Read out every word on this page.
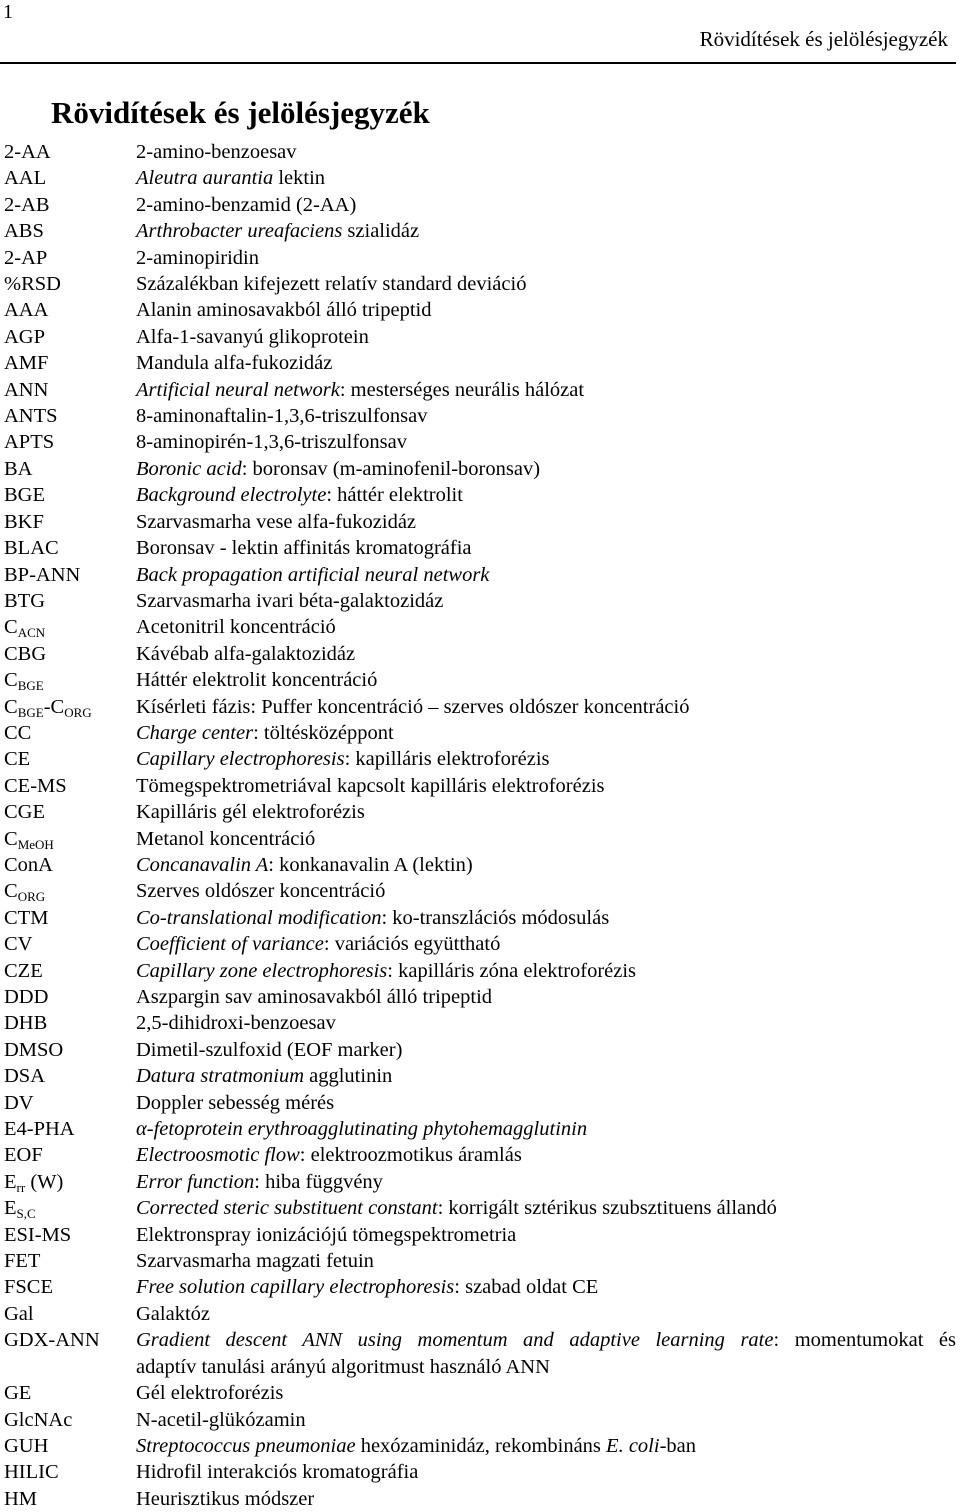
1
Rövidítések és jelölésjegyzék
Rövidítések és jelölésjegyzék
2-AA	2-amino-benzoesav
AAL	Aleutra aurantia lektin
2-AB	2-amino-benzamid (2-AA)
ABS	Arthrobacter ureafaciens szialidáz
2-AP	2-aminopiridin
%RSD	Százalékban kifejezett relatív standard deviáció
AAA	Alanin aminosavakból álló tripeptid
AGP	Alfa-1-savanyú glikoprotein
AMF	Mandula alfa-fukozidáz
ANN	Artificial neural network: mesterséges neurális hálózat
ANTS	8-aminonaftalin-1,3,6-triszulfonsav
APTS	8-aminopirén-1,3,6-triszulfonsav
BA	Boronic acid: boronsav (m-aminofenil-boronsav)
BGE	Background electrolyte: háttér elektrolit
BKF	Szarvasmarha vese alfa-fukozidáz
BLAC	Boronsav - lektin affinitás kromatográfia
BP-ANN	Back propagation artificial neural network
BTG	Szarvasmarha ivari béta-galaktozidáz
$C_{ACN}$	Acetonitril koncentráció
CBG	Kávébab alfa-galaktozidáz
$C_{BGE}$	Háttér elektrolit koncentráció
$C_{BGE}-C_{ORG}$	Kísérleti fázis: Puffer koncentráció – szerves oldószer koncentráció
CC	Charge center: töltésközéppont
CE	Capillary electrophoresis: kapilláris elektroforézis
CE-MS	Tömegspektrometriával kapcsolt kapilláris elektroforézis
CGE	Kapilláris gél elektroforézis
$C_{MeOH}$	Metanol koncentráció
ConA	Concanavalin A: konkanavalin A (lektin)
$C_{ORG}$	Szerves oldószer koncentráció
CTM	Co-translational modification: ko-transzlációs módosulás
CV	Coefficient of variance: variációs együttható
CZE	Capillary zone electrophoresis: kapilláris zóna elektroforézis
DDD	Aszpargin sav aminosavakból álló tripeptid
DHB	2,5-dihidroxi-benzoesav
DMSO	Dimetil-szulfoxid (EOF marker)
DSA	Datura stratmonium agglutinin
DV	Doppler sebesség mérés
E4-PHA	α-fetoprotein erythroagglutinating phytohemagglutinin
EOF	Electroosmotic flow: elektroozmotikus áramlás
$E_{rr}$ (W)	Error function: hiba függvény
$E_{S,C}$	Corrected steric substituent constant: korrigált sztérikus szubsztituens állandó
ESI-MS	Elektronspray ionizációjú tömegspektrometria
FET	Szarvasmarha magzati fetuin
FSCE	Free solution capillary electrophoresis: szabad oldat CE
Gal	Galaktóz
GDX-ANN	Gradient descent ANN using momentum and adaptive learning rate: momentumokat és
adaptív tanulási arányú algoritmust használó ANN
GE	Gél elektroforézis
GlcNAc	N-acetil-glükózamin
GUH	Streptococcus pneumoniae hexózaminidáz, rekombináns E. coli-ban
HILIC	Hidrofil interakciós kromatográfia
HM	Heurisztikus módszer
